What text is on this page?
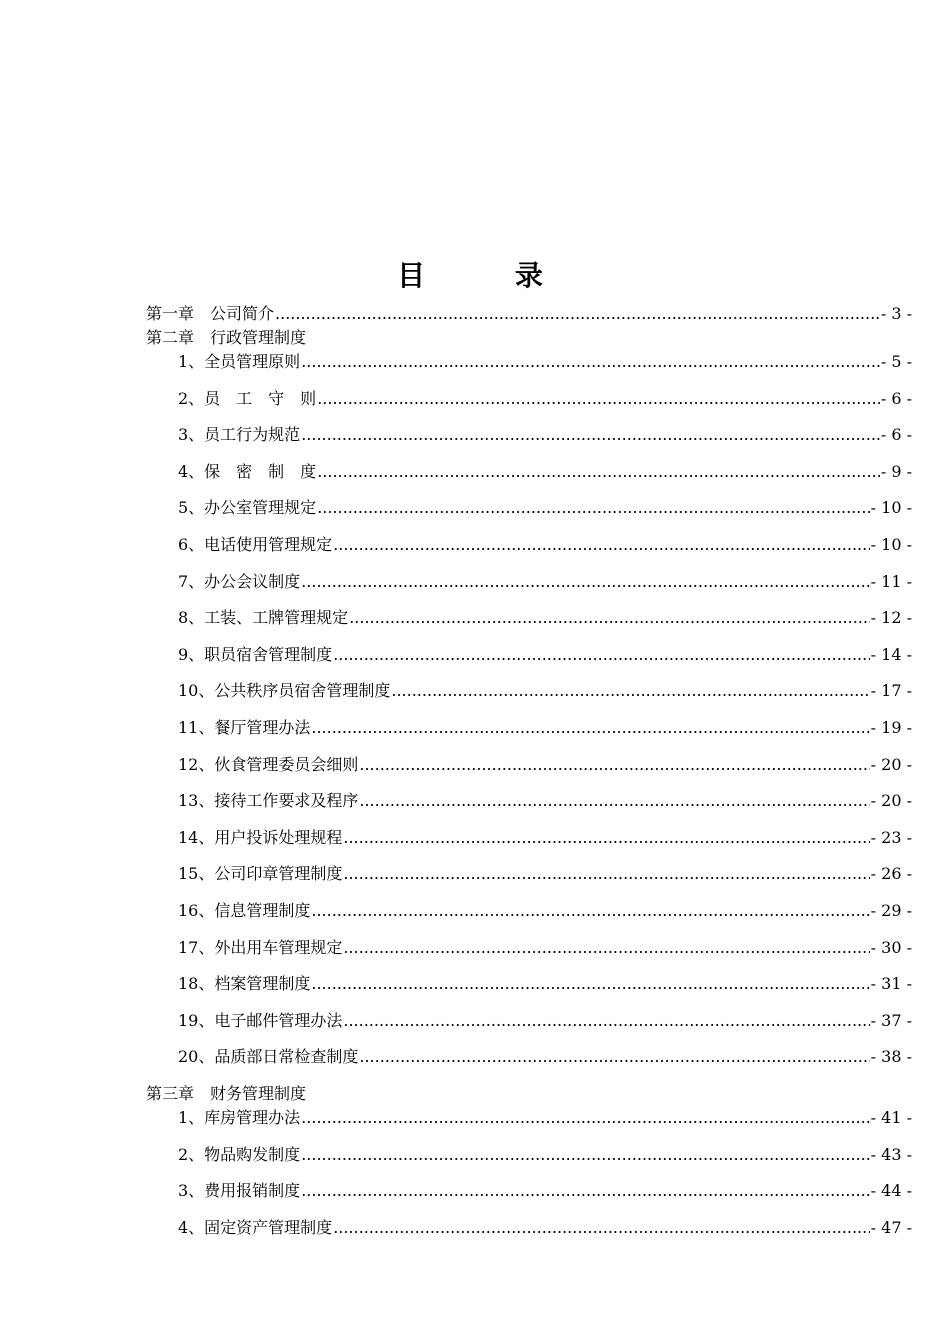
目 录
第一章　公司简介 .....	- 3 -
第二章　行政管理制度
1、全员管理原则 .....	- 5 -
2、员　工　守　则 .....	- 6 -
3、员工行为规范 .....	- 6 -
4、保　密　制　度 .....	- 9 -
5、办公室管理规定 .....	- 10 -
6、电话使用管理规定 .....	- 10 -
7、办公会议制度 .....	- 11 -
8、工装、工牌管理规定 .....	- 12 -
9、职员宿舍管理制度 .....	- 14 -
10、公共秩序员宿舍管理制度 .....	- 17 -
11、餐厅管理办法 .....	- 19 -
12、伙食管理委员会细则 .....	- 20 -
13、接待工作要求及程序 .....	- 20 -
14、用户投诉处理规程 .....	- 23 -
15、公司印章管理制度 .....	- 26 -
16、信息管理制度 .....	- 29 -
17、外出用车管理规定 .....	- 30 -
18、档案管理制度 .....	- 31 -
19、电子邮件管理办法 .....	- 37 -
20、品质部日常检查制度 .....	- 38 -
第三章　财务管理制度
1、库房管理办法 .....	- 41 -
2、物品购发制度 .....	- 43 -
3、费用报销制度 .....	- 44 -
4、固定资产管理制度 .....	- 47 -
